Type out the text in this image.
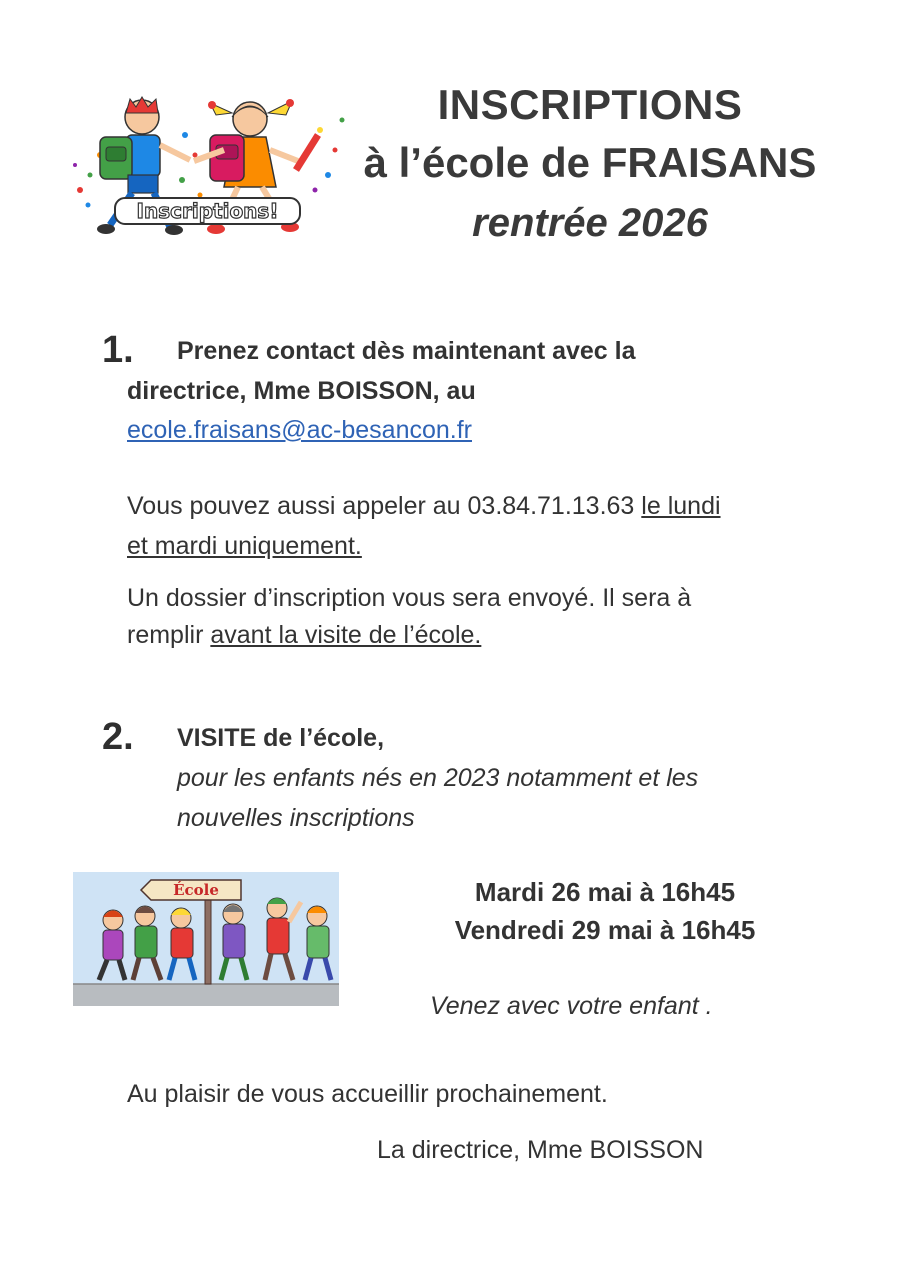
Inscriptions!
INSCRIPTIONS
à l’école de FRAISANS
rentrée 2026
1. Prenez contact dès maintenant avec la
directrice, Mme BOISSON, au
ecole.fraisans@ac-besancon.fr
Vous pouvez aussi appeler au 03.84.71.13.63 le lundi
et mardi uniquement.
Un dossier d’inscription vous sera envoyé. Il sera à
remplir avant la visite de l’école.
2. VISITE de l’école,
pour les enfants nés en 2023 notamment et les
nouvelles inscriptions
École	Mardi 26 mai à 16h45
Vendredi 29 mai à 16h45
Venez avec votre enfant .
Au plaisir de vous accueillir prochainement.
La directrice, Mme BOISSON
